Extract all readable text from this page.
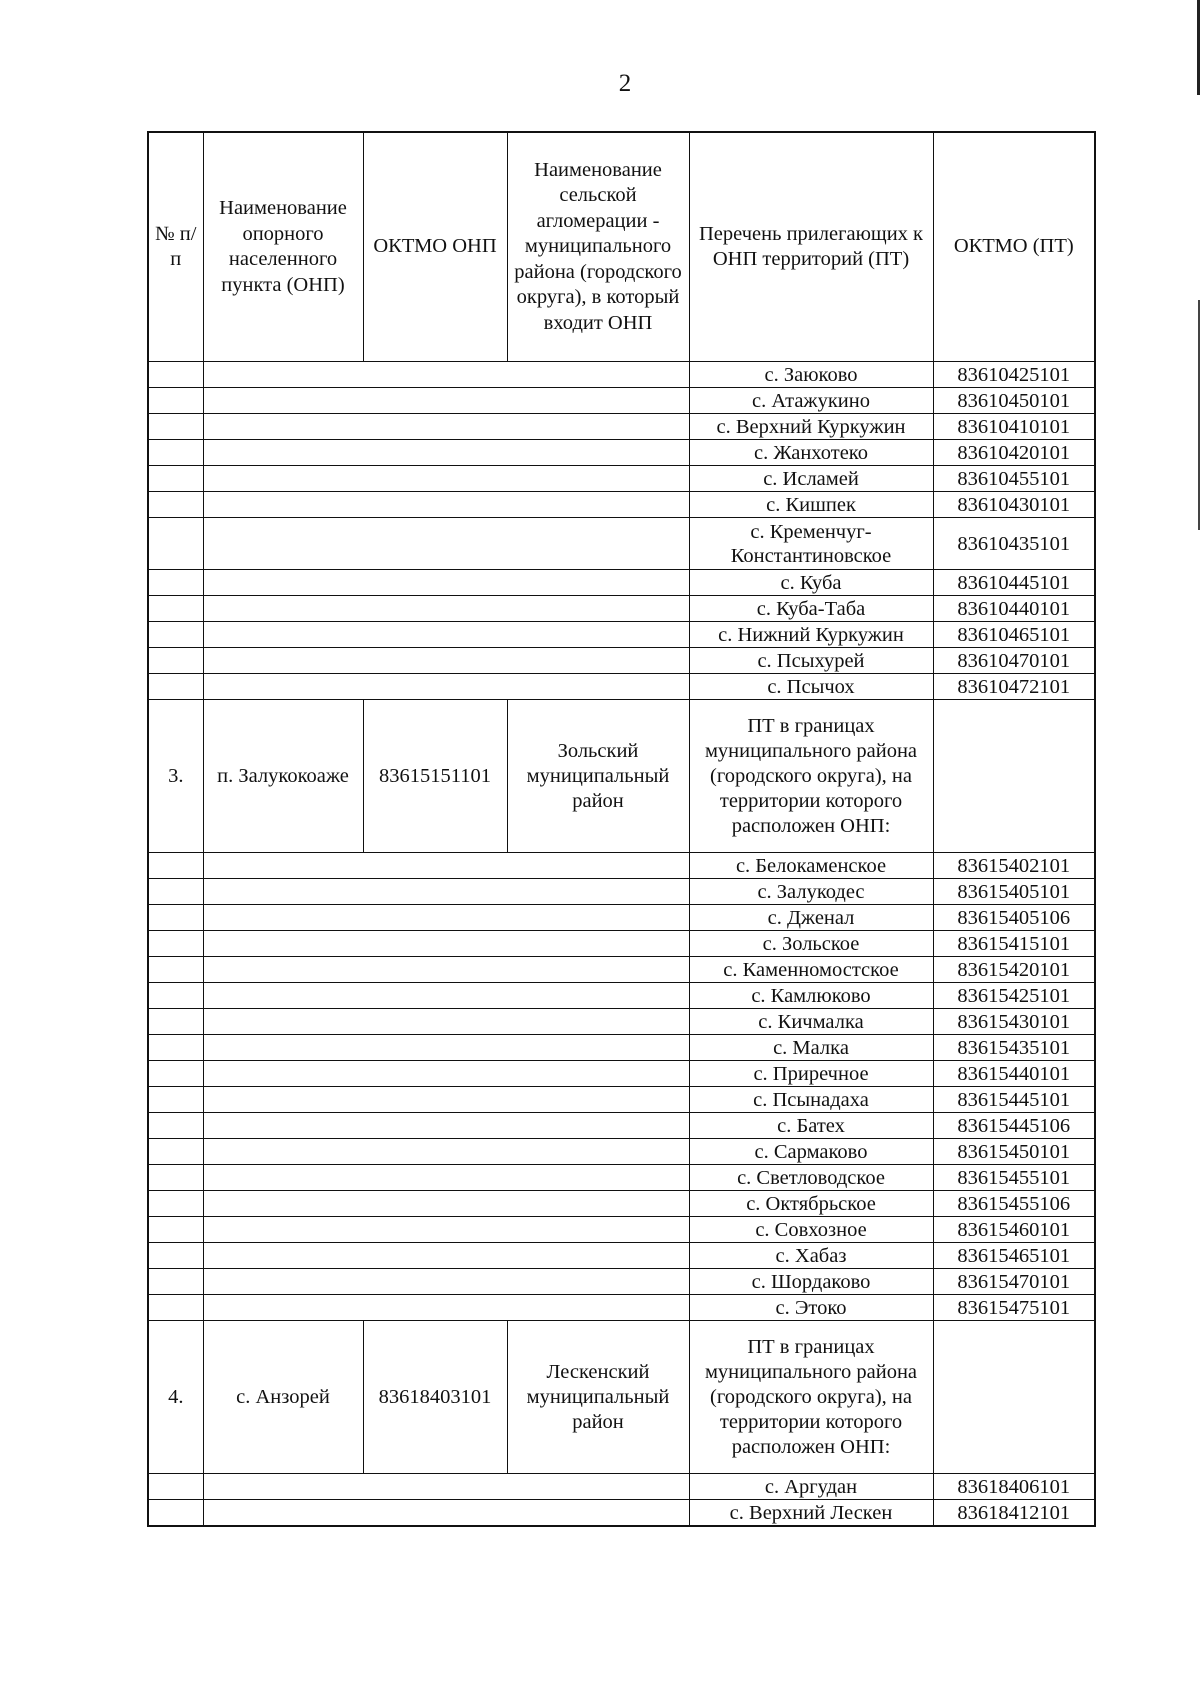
2
№ п/п	Наименование опорного населенного пункта (ОНП)	ОКТМО ОНП	Наименование сельской агломерации - муниципального района (городского округа), в который входит ОНП	Перечень прилегающих к ОНП территорий (ПТ)	ОКТМО (ПТ)
				с. Заюково	83610425101
				с. Атажукино	83610450101
				с. Верхний Куркужин	83610410101
				с. Жанхотеко	83610420101
				с. Исламей	83610455101
				с. Кишпек	83610430101
				с. Кременчуг-Константиновское	83610435101
				с. Куба	83610445101
				с. Куба-Таба	83610440101
				с. Нижний Куркужин	83610465101
				с. Псыхурей	83610470101
				с. Псычох	83610472101
3.	п. Залукокоаже	83615151101	Зольский муниципальный район	ПТ в границах муниципального района (городского округа), на территории которого расположен ОНП:	
				с. Белокаменское	83615402101
				с. Залукодес	83615405101
				с. Дженал	83615405106
				с. Зольское	83615415101
				с. Каменномостское	83615420101
				с. Камлюково	83615425101
				с. Кичмалка	83615430101
				с. Малка	83615435101
				с. Приречное	83615440101
				с. Псынадаха	83615445101
				с. Батех	83615445106
				с. Сармаково	83615450101
				с. Светловодское	83615455101
				с. Октябрьское	83615455106
				с. Совхозное	83615460101
				с. Хабаз	83615465101
				с. Шордаково	83615470101
				с. Этоко	83615475101
4.	с. Анзорей	83618403101	Лескенский муниципальный район	ПТ в границах муниципального района (городского округа), на территории которого расположен ОНП:	
				с. Аргудан	83618406101
				с. Верхний Лескен	83618412101
